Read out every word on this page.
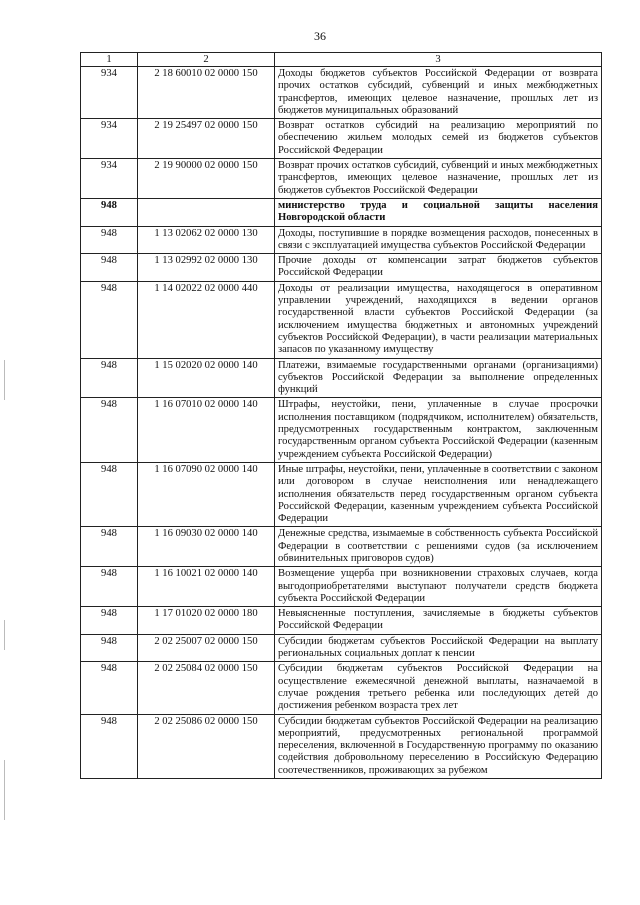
36
1	2	3
934	2 18 60010 02 0000 150	Доходы бюджетов субъектов Российской Федерации от возврата прочих остатков субсидий, субвенций и иных межбюджетных трансфертов, имеющих целевое назначение, прошлых лет из бюджетов муниципальных образований
934	2 19 25497 02 0000 150	Возврат остатков субсидий на реализацию мероприятий по обеспечению жильем молодых семей из бюджетов субъектов Российской Федерации
934	2 19 90000 02 0000 150	Возврат прочих остатков субсидий, субвенций и иных межбюджетных трансфертов, имеющих целевое назначение, прошлых лет из бюджетов субъектов Российской Федерации
948		министерство труда и социальной защиты населения Новгородской области
948	1 13 02062 02 0000 130	Доходы, поступившие в порядке возмещения расходов, понесенных в связи с эксплуатацией имущества субъектов Российской Федерации
948	1 13 02992 02 0000 130	Прочие доходы от компенсации затрат бюджетов субъектов Российской Федерации
948	1 14 02022 02 0000 440	Доходы от реализации имущества, находящегося в оперативном управлении учреждений, находящихся в ведении органов государственной власти субъектов Российской Федерации (за исключением имущества бюджетных и автономных учреждений субъектов Российской Федерации), в части реализации материальных запасов по указанному имуществу
948	1 15 02020 02 0000 140	Платежи, взимаемые государственными органами (организациями) субъектов Российской Федерации за выполнение определенных функций
948	1 16 07010 02 0000 140	Штрафы, неустойки, пени, уплаченные в случае просрочки исполнения поставщиком (подрядчиком, исполнителем) обязательств, предусмотренных государственным контрактом, заключенным государственным органом субъекта Российской Федерации (казенным учреждением субъекта Российской Федерации)
948	1 16 07090 02 0000 140	Иные штрафы, неустойки, пени, уплаченные в соответствии с законом или договором в случае неисполнения или ненадлежащего исполнения обязательств перед государственным органом субъекта Российской Федерации, казенным учреждением субъекта Российской Федерации
948	1 16 09030 02 0000 140	Денежные средства, изымаемые в собственность субъекта Российской Федерации в соответствии с решениями судов (за исключением обвинительных приговоров судов)
948	1 16 10021 02 0000 140	Возмещение ущерба при возникновении страховых случаев, когда выгодоприобретателями выступают получатели средств бюджета субъекта Российской Федерации
948	1 17 01020 02 0000 180	Невыясненные поступления, зачисляемые в бюджеты субъектов Российской Федерации
948	2 02 25007 02 0000 150	Субсидии бюджетам субъектов Российской Федерации на выплату региональных социальных доплат к пенсии
948	2 02 25084 02 0000 150	Субсидии бюджетам субъектов Российской Федерации на осуществление ежемесячной денежной выплаты, назначаемой в случае рождения третьего ребенка или последующих детей до достижения ребенком возраста трех лет
948	2 02 25086 02 0000 150	Субсидии бюджетам субъектов Российской Федерации на реализацию мероприятий, предусмотренных региональной программой переселения, включенной в Государственную программу по оказанию содействия добровольному переселению в Российскую Федерацию соотечественников, проживающих за рубежом
